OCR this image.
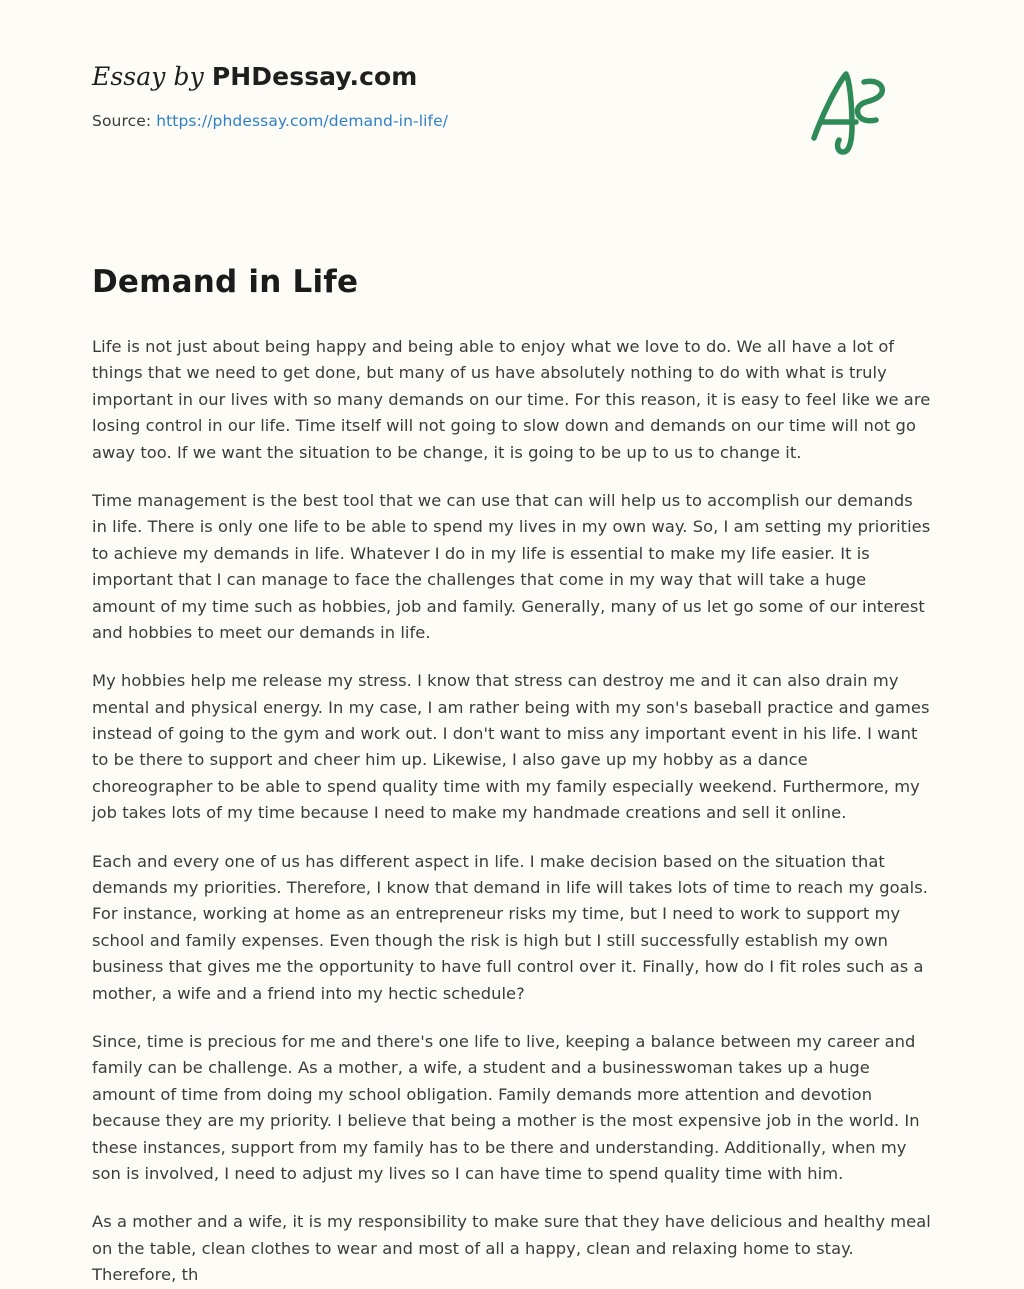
Essay by PHDessay.com
Source: https://phdessay.com/demand-in-life/
Demand in Life

Life is not just about being happy and being able to enjoy what we love to do. We all have a lot of things that we need to get done, but many of us have absolutely nothing to do with what is truly important in our lives with so many demands on our time. For this reason, it is easy to feel like we are losing control in our life. Time itself will not going to slow down and demands on our time will not go away too. If we want the situation to be change, it is going to be up to us to change it.

Time management is the best tool that we can use that can will help us to accomplish our demands in life. There is only one life to be able to spend my lives in my own way. So, I am setting my priorities to achieve my demands in life. Whatever I do in my life is essential to make my life easier. It is important that I can manage to face the challenges that come in my way that will take a huge amount of my time such as hobbies, job and family. Generally, many of us let go some of our interest and hobbies to meet our demands in life.

My hobbies help me release my stress. I know that stress can destroy me and it can also drain my mental and physical energy. In my case, I am rather being with my son's baseball practice and games instead of going to the gym and work out. I don't want to miss any important event in his life. I want to be there to support and cheer him up. Likewise, I also gave up my hobby as a dance choreographer to be able to spend quality time with my family especially weekend. Furthermore, my job takes lots of my time because I need to make my handmade creations and sell it online.

Each and every one of us has different aspect in life. I make decision based on the situation that demands my priorities. Therefore, I know that demand in life will takes lots of time to reach my goals. For instance, working at home as an entrepreneur risks my time, but I need to work to support my school and family expenses. Even though the risk is high but I still successfully establish my own business that gives me the opportunity to have full control over it. Finally, how do I fit roles such as a mother, a wife and a friend into my hectic schedule?

Since, time is precious for me and there's one life to live, keeping a balance between my career and family can be challenge. As a mother, a wife, a student and a businesswoman takes up a huge amount of time from doing my school obligation. Family demands more attention and devotion because they are my priority. I believe that being a mother is the most expensive job in the world. In these instances, support from my family has to be there and understanding. Additionally, when my son is involved, I need to adjust my lives so I can have time to spend quality time with him.

As a mother and a wife, it is my responsibility to make sure that they have delicious and healthy meal on the table, clean clothes to wear and most of all a happy, clean and relaxing home to stay. Therefore, th
